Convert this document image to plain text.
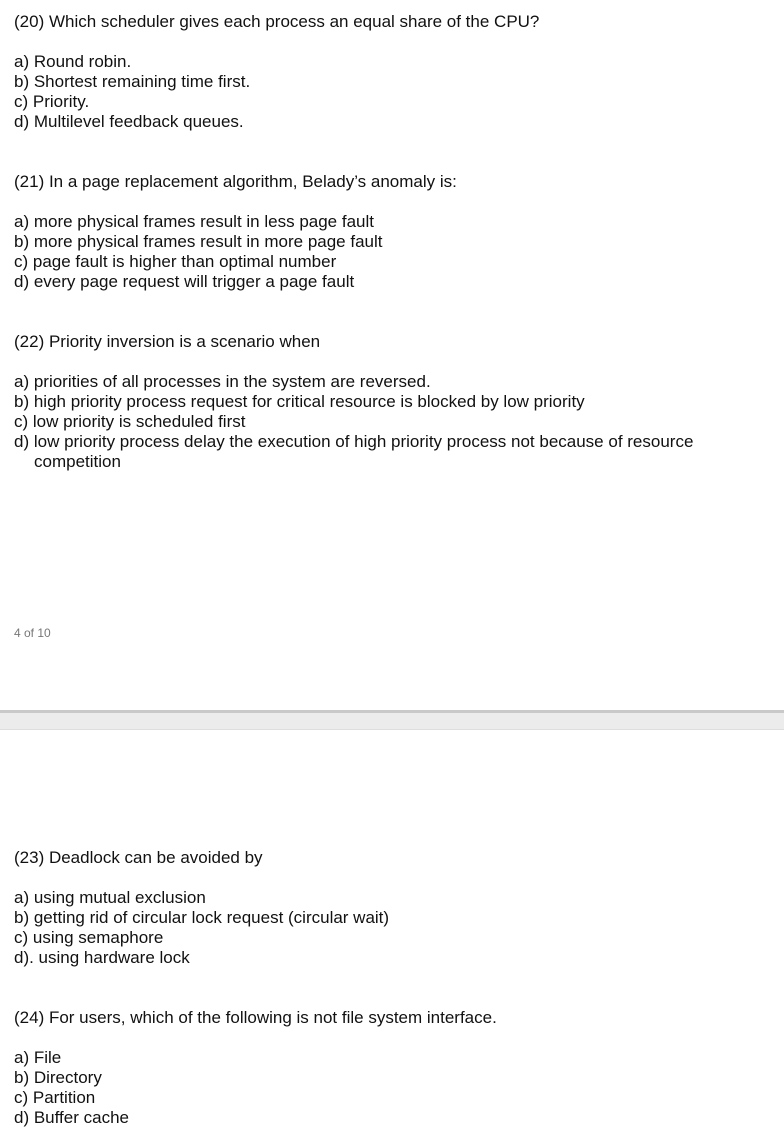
(20) Which scheduler gives each process an equal share of the CPU?

a) Round robin.
b) Shortest remaining time first.
c) Priority.
d) Multilevel feedback queues.

(21) In a page replacement algorithm, Belady’s anomaly is:

a) more physical frames result in less page fault
b) more physical frames result in more page fault
c) page fault is higher than optimal number
d) every page request will trigger a page fault

(22) Priority inversion is a scenario when

a) priorities of all processes in the system are reversed.
b) high priority process request for critical resource is blocked by low priority
c) low priority is scheduled first
d) low priority process delay the execution of high priority process not because of resource competition
4 of 10

(23) Deadlock can be avoided by

a) using mutual exclusion
b) getting rid of circular lock request (circular wait)
c) using semaphore
d). using hardware lock

(24) For users, which of the following is not file system interface.

a) File
b) Directory
c) Partition
d) Buffer cache
